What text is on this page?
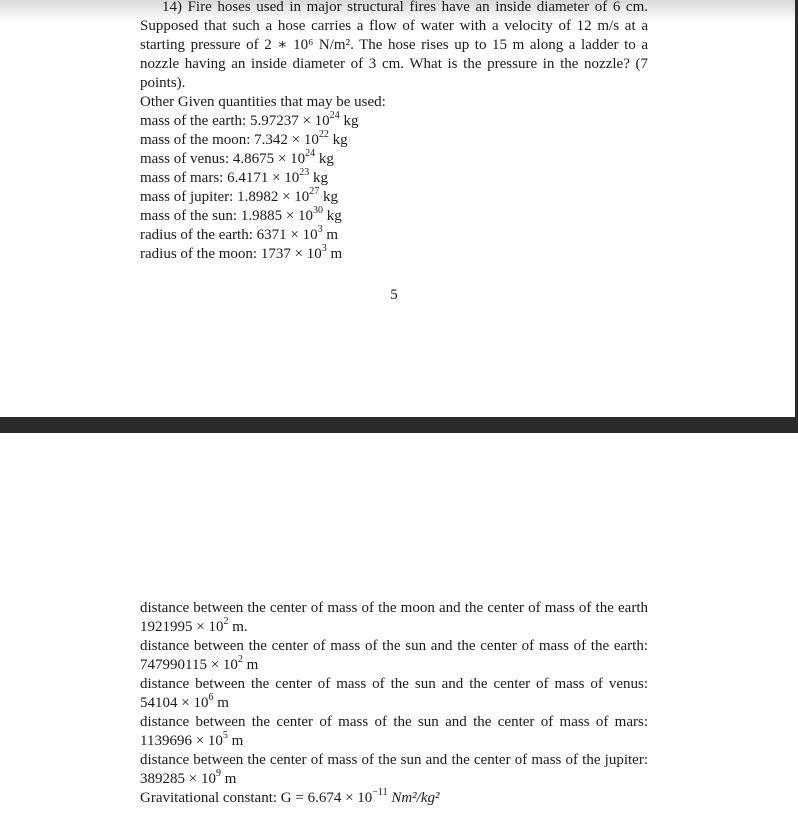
14) Fire hoses used in major structural fires have an inside diameter of 6 cm. Supposed that such a hose carries a flow of water with a velocity of 12 m/s at a starting pressure of 2 ∗ 10⁶ N/m². The hose rises up to 15 m along a ladder to a nozzle having an inside diameter of 3 cm. What is the pressure in the nozzle? (7 points).

Other Given quantities that may be used:

mass of the earth: $5.97237 \times 10^{24}$ kg

mass of the moon: $7.342 \times 10^{22}$ kg

mass of venus: $4.8675 \times 10^{24}$ kg

mass of mars: $6.4171 \times 10^{23}$ kg

mass of jupiter: $1.8982 \times 10^{27}$ kg

mass of the sun: $1.9885 \times 10^{30}$ kg

radius of the earth: $6371 \times 10^3$ m

radius of the moon: $1737 \times 10^3$ m

5

distance between the center of mass of the moon and the center of mass of the earth $1921995 \times 10^2$ m.

distance between the center of mass of the sun and the center of mass of the earth: $747990115 \times 10^2$ m

distance between the center of mass of the sun and the center of mass of venus: $54104 \times 10^6$ m

distance between the center of mass of the sun and the center of mass of mars: $1139696 \times 10^5$ m

distance between the center of mass of the sun and the center of mass of the jupiter: $389285 \times 10^9$ m

Gravitational constant: $G = 6.674 \times 10^{-11}$ Nm²/kg²
